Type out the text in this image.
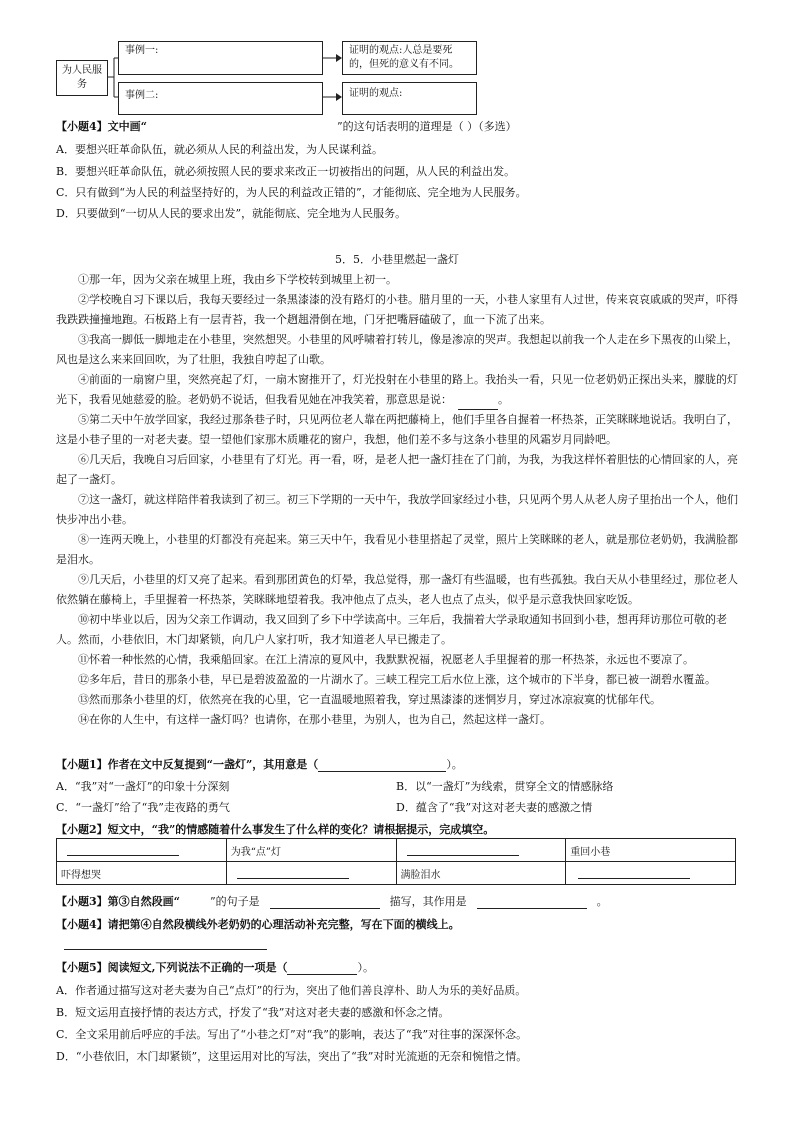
为人民服务
事例一:
事例二:
证明的观点:人总是要死的，但死的意义有不同。
证明的观点:
【小题4】文中画“	”的这句话表明的道理是（ ）（多选）
A．要想兴旺革命队伍，就必须从人民的利益出发，为人民谋利益。
B．要想兴旺革命队伍，就必须按照人民的要求来改正一切被指出的问题，从人民的利益出发。
C．只有做到“为人民的利益坚持好的，为人民的利益改正错的”，才能彻底、完全地为人民服务。
D．只要做到“一切从人民的要求出发”，就能彻底、完全地为人民服务。
5．5．小巷里燃起一盏灯
①那一年，因为父亲在城里上班，我由乡下学校转到城里上初一。
②学校晚自习下课以后，我每天要经过一条黑漆漆的没有路灯的小巷。腊月里的一天，小巷人家里有人过世，传来哀哀戚戚的哭声，吓得我跌跌撞撞地跑。石板路上有一层青苔，我一个趔趄滑倒在地，门牙把嘴唇磕破了，血一下流了出来。
③我高一脚低一脚地走在小巷里，突然想哭。小巷里的风呼啸着打转儿，像是渗凉的哭声。我想起以前我一个人走在乡下黑夜的山梁上，风也是这么来来回回吹，为了壮胆，我独自哼起了山歌。
④前面的一扇窗户里，突然亮起了灯，一扇木窗推开了，灯光投射在小巷里的路上。我抬头一看，只见一位老奶奶正探出头来，朦胧的灯光下，我看见她慈爱的脸。老奶奶不说话，但我看见她在冲我笑着，那意思是说：	。
⑤第二天中午放学回家，我经过那条巷子时，只见两位老人靠在两把藤椅上，他们手里各自握着一杯热茶，正笑眯眯地说话。我明白了，这是小巷子里的一对老夫妻。望一望他们家那木质雕花的窗户，我想，他们差不多与这条小巷里的风霜岁月同龄吧。
⑥几天后，我晚自习后回家，小巷里有了灯光。再一看，呀，是老人把一盏灯挂在了门前，为我，为我这样怀着胆怯的心情回家的人，亮起了一盏灯。
⑦这一盏灯，就这样陪伴着我读到了初三。初三下学期的一天中午，我放学回家经过小巷，只见两个男人从老人房子里抬出一个人，他们快步冲出小巷。
⑧一连两天晚上，小巷里的灯都没有亮起来。第三天中午，我看见小巷里搭起了灵堂，照片上笑眯眯的老人，就是那位老奶奶，我满脸都是泪水。
⑨几天后，小巷里的灯又亮了起来。看到那团黄色的灯晕，我总觉得，那一盏灯有些温暖，也有些孤独。我白天从小巷里经过，那位老人依然躺在藤椅上，手里握着一杯热茶，笑眯眯地望着我。我冲他点了点头，老人也点了点头，似乎是示意我快回家吃饭。
⑩初中毕业以后，因为父亲工作调动，我又回到了乡下中学读高中。三年后，我揣着大学录取通知书回到小巷，想再拜访那位可敬的老人。然而，小巷依旧，木门却紧锁，向几户人家打听，我才知道老人早已搬走了。
⑪怀着一种怅然的心情，我乘船回家。在江上清凉的夏风中，我默默祝福，祝愿老人手里握着的那一杯热茶，永远也不要凉了。
⑫多年后，昔日的那条小巷，早已是碧波盈盈的一片湖水了。三峡工程完工后水位上涨，这个城市的下半身，都已被一湖碧水覆盖。
⑬然而那条小巷里的灯，依然亮在我的心里，它一直温暖地照着我，穿过黑漆漆的迷惘岁月，穿过冰凉寂寞的忧郁年代。
⑭在你的人生中，有这样一盏灯吗？也请你，在那小巷里，为别人，也为自己，然起这样一盏灯。
【小题1】作者在文中反复提到“一盏灯”，其用意是（	）。
A．“我”对“一盏灯”的印象十分深刻	B．以“一盏灯”为线索，贯穿全文的情感脉络
C．“一盏灯”给了“我”走夜路的勇气	D．蕴含了“我”对这对老夫妻的感激之情
【小题2】短文中，“我”的情感随着什么事发生了什么样的变化？请根据提示，完成填空。
	为我“点”灯		重回小巷
吓得想哭		满脸泪水	
【小题3】第③自然段画“	”的句子是	描写，其作用是	。
【小题4】请把第④自然段横线外老奶奶的心理活动补充完整，写在下面的横线上。
【小题5】阅读短文,下列说法不正确的一项是（	）。
A．作者通过描写这对老夫妻为自己“点灯”的行为，突出了他们善良淳朴、助人为乐的美好品质。
B．短文运用直接抒情的表达方式，抒发了“我”对这对老夫妻的感激和怀念之情。
C．全文采用前后呼应的手法。写出了“小巷之灯”对“我”的影响，表达了“我”对往事的深深怀念。
D．“小巷依旧，木门却紧锁”，这里运用对比的写法，突出了“我”对时光流逝的无奈和惋惜之情。
